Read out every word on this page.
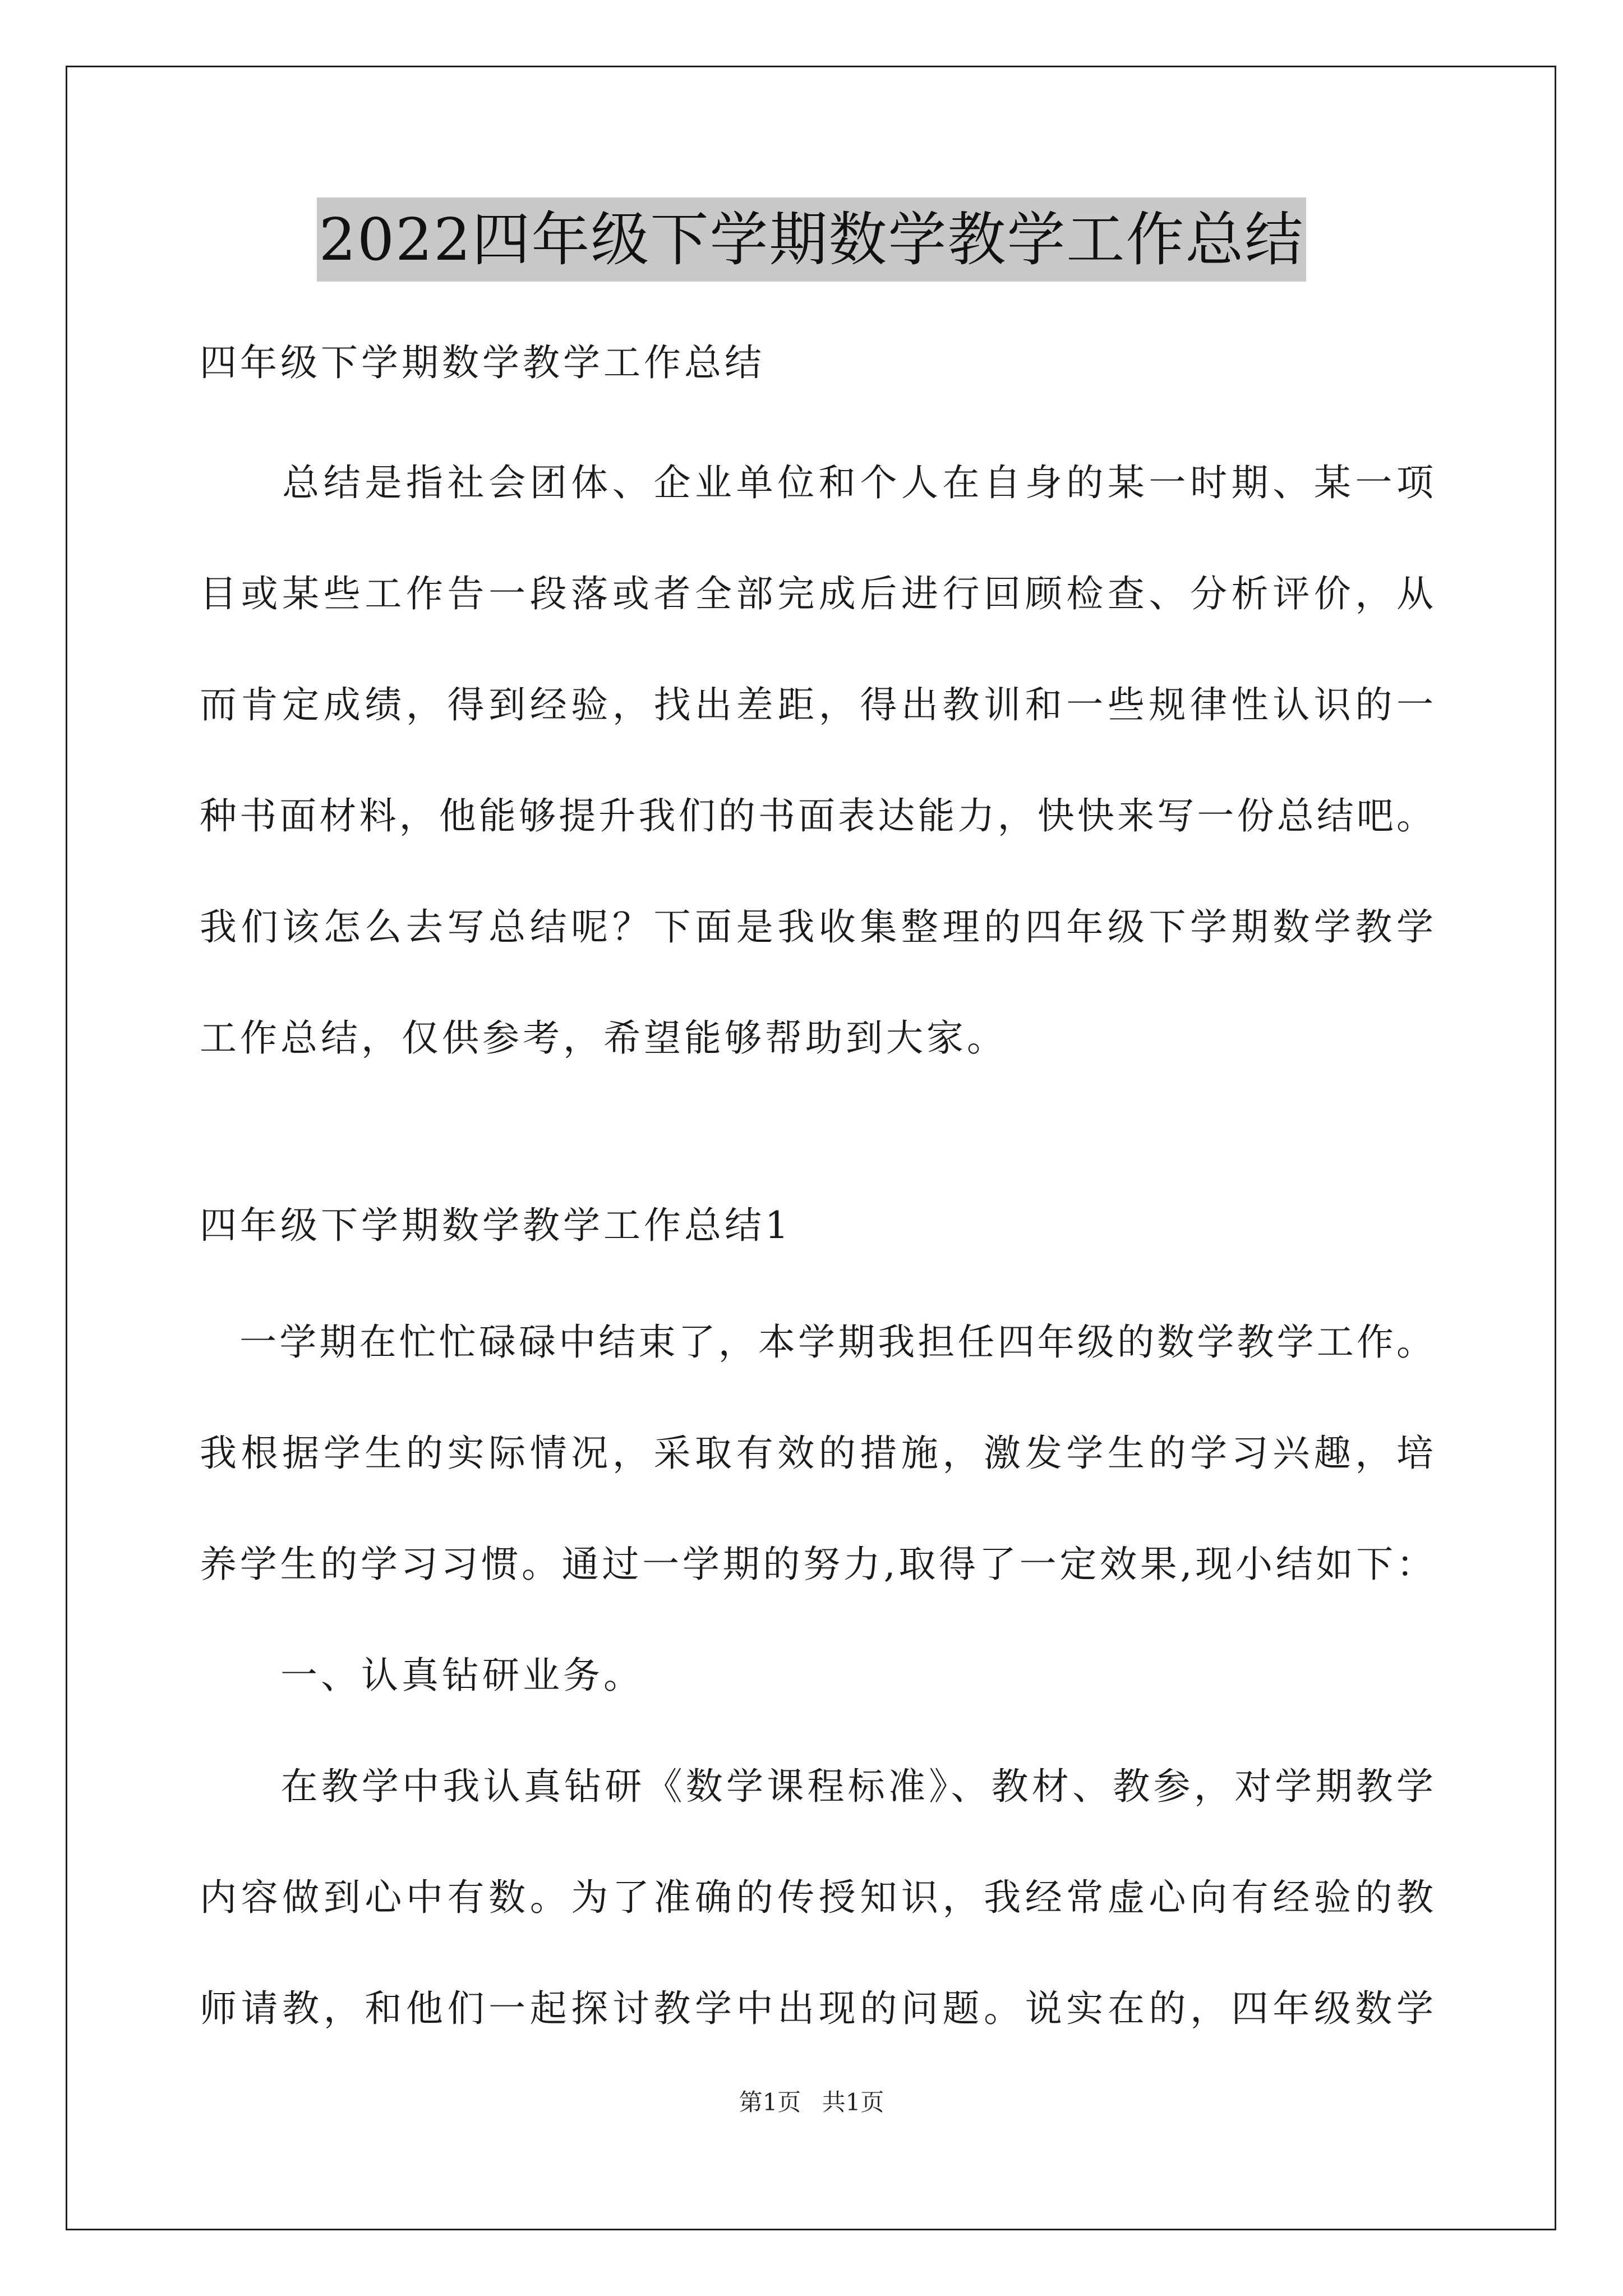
2022四年级下学期数学教学工作总结
四年级下学期数学教学工作总结
　　总结是指社会团体、企业单位和个人在自身的某一时期、某一项
目或某些工作告一段落或者全部完成后进行回顾检查、分析评价，从
而肯定成绩，得到经验，找出差距，得出教训和一些规律性认识的一
种书面材料，他能够提升我们的书面表达能力，快快来写一份总结吧。
我们该怎么去写总结呢？下面是我收集整理的四年级下学期数学教学
工作总结，仅供参考，希望能够帮助到大家。
四年级下学期数学教学工作总结1
　一学期在忙忙碌碌中结束了，本学期我担任四年级的数学教学工作。
我根据学生的实际情况，采取有效的措施，激发学生的学习兴趣，培
养学生的学习习惯。通过一学期的努力,取得了一定效果,现小结如下：
　　一、认真钻研业务。
　　在教学中我认真钻研《数学课程标准》、教材、教参，对学期教学
内容做到心中有数。为了准确的传授知识，我经常虚心向有经验的教
师请教，和他们一起探讨教学中出现的问题。说实在的，四年级数学
第1页 共1页
